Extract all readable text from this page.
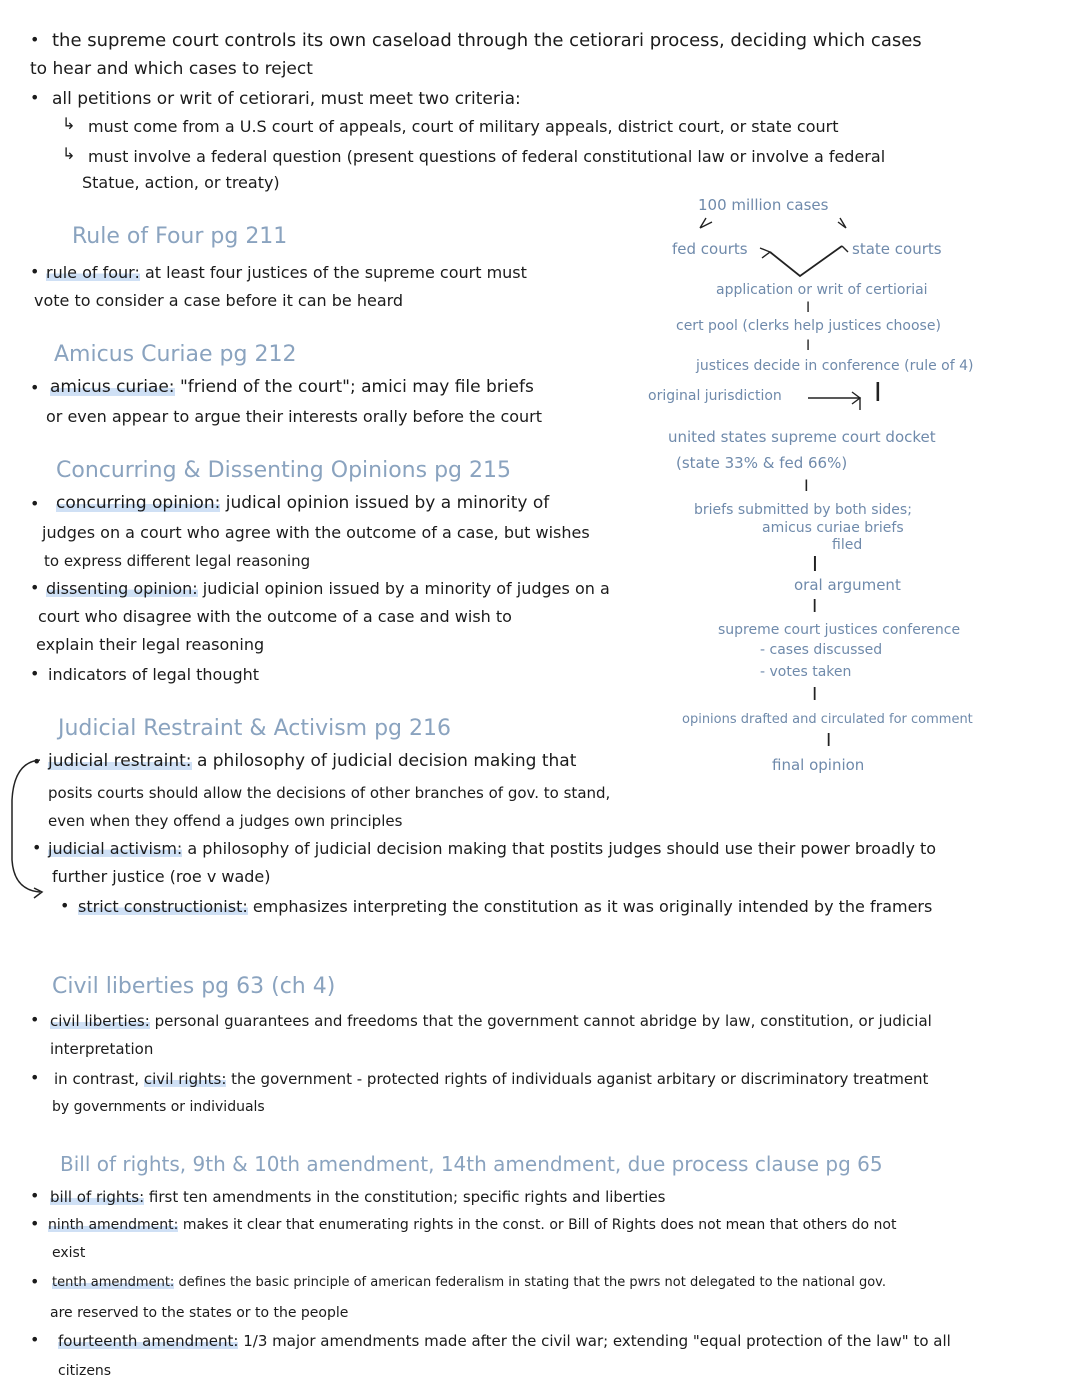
• the supreme court controls its own caseload through the cetiorari process, deciding which cases
to hear and which cases to reject
• all petitions or writ of cetiorari, must meet two criteria:
↳ must come from a U.S court of appeals, court of military appeals, district court, or state court
↳ must involve a federal question (present questions of federal constitutional law or involve a federal
Statue, action, or treaty)
Rule of Four pg 211
• rule of four: at least four justices of the supreme court must
vote to consider a case before it can be heard
Amicus Curiae pg 212
• amicus curiae: "friend of the court"; amici may file briefs
or even appear to argue their interests orally before the court
Concurring & Dissenting Opinions pg 215
• concurring opinion: judical opinion issued by a minority of
judges on a court who agree with the outcome of a case, but wishes
to express different legal reasoning
• dissenting opinion: judicial opinion issued by a minority of judges on a
court who disagree with the outcome of a case and wish to
explain their legal reasoning
• indicators of legal thought
Judicial Restraint & Activism pg 216
• judicial restraint: a philosophy of judicial decision making that
posits courts should allow the decisions of other branches of gov. to stand,
even when they offend a judges own principles
• judicial activism: a philosophy of judicial decision making that postits judges should use their power broadly to
further justice (roe v wade)
• strict constructionist: emphasizes interpreting the constitution as it was originally intended by the framers
Civil liberties pg 63 (ch 4)
• civil liberties: personal guarantees and freedoms that the government cannot abridge by law, constitution, or judicial
interpretation
• in contrast, civil rights: the government - protected rights of individuals aganist arbitary or discriminatory treatment
by governments or individuals
Bill of rights, 9th & 10th amendment, 14th amendment, due process clause pg 65
• bill of rights: first ten amendments in the constitution; specific rights and liberties
• ninth amendment: makes it clear that enumerating rights in the const. or Bill of Rights does not mean that others do not
exist
• tenth amendment: defines the basic principle of american federalism in stating that the pwrs not delegated to the national gov.
are reserved to the states or to the people
• fourteenth amendment: 1/3 major amendments made after the civil war; extending "equal protection of the law" to all
citizens
100 million cases
fed courts	state courts
application or writ of certioriai
I
cert pool (clerks help justices choose)
I
justices decide in conference (rule of 4)
original jurisdiction	I
united states supreme court docket
(state 33% & fed 66%)
I
briefs submitted by both sides;
amicus curiae briefs
filed
I
oral argument
I
supreme court justices conference
- cases discussed
- votes taken
I
opinions drafted and circulated for comment
I
final opinion
